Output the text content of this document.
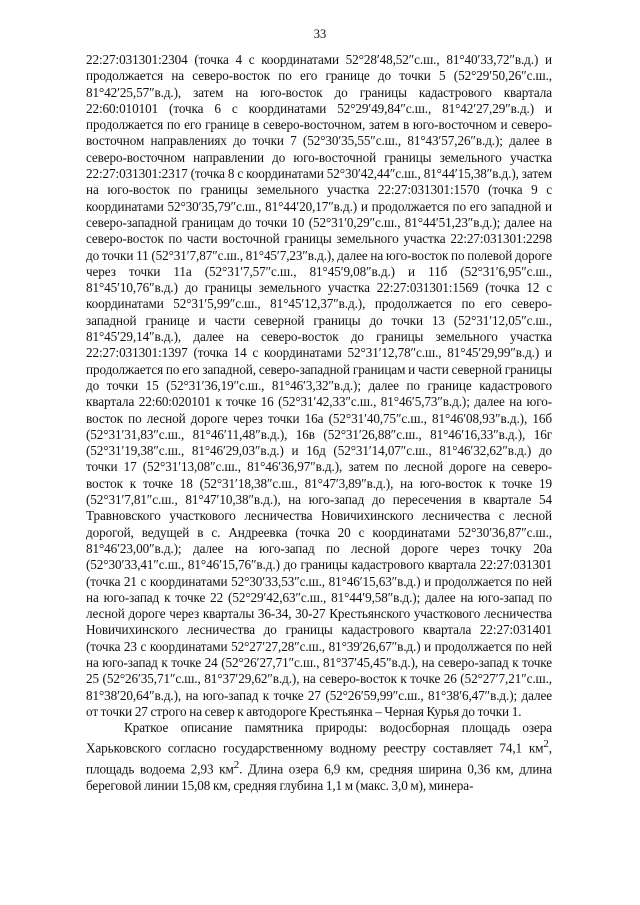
33

22:27:031301:2304 (точка 4 с координатами 52°28′48,52″с.ш., 81°40′33,72″в.д.) и продолжается на северо-восток по его границе до точки 5 (52°29′50,26″с.ш., 81°42′25,57″в.д.), затем на юго-восток до границы кадастрового квартала 22:60:010101 (точка 6 с координатами 52°29′49,84″с.ш., 81°42′27,29″в.д.) и продолжается по его границе в северо-восточном, затем в юго-восточном и северо-восточном направлениях до точки 7 (52°30′35,55″с.ш., 81°43′57,26″в.д.); далее в северо-восточном направлении до юго-восточной границы земельного участка 22:27:031301:2317 (точка 8 с координатами 52°30′42,44″с.ш., 81°44′15,38″в.д.), затем на юго-восток по границы земельного участка 22:27:031301:1570 (точка 9 с координатами 52°30′35,79″с.ш., 81°44′20,17″в.д.) и продолжается по его западной и северо-западной границам до точки 10 (52°31′0,29″с.ш., 81°44′51,23″в.д.); далее на северо-восток по части восточной границы земельного участка 22:27:031301:2298 до точки 11 (52°31′7,87″с.ш., 81°45′7,23″в.д.), далее на юго-восток по полевой дороге через точки 11а (52°31′7,57″с.ш., 81°45′9,08″в.д.) и 11б (52°31′6,95″с.ш., 81°45′10,76″в.д.) до границы земельного участка 22:27:031301:1569 (точка 12 с координатами 52°31′5,99″с.ш., 81°45′12,37″в.д.), продолжается по его северо-западной границе и части северной границы до точки 13 (52°31′12,05″с.ш., 81°45′29,14″в.д.), далее на северо-восток до границы земельного участка 22:27:031301:1397 (точка 14 с координатами 52°31′12,78″с.ш., 81°45′29,99″в.д.) и продолжается по его западной, северо-западной границам и части северной границы до точки 15 (52°31′36,19″с.ш., 81°46′3,32″в.д.); далее по границе кадастрового квартала 22:60:020101 к точке 16 (52°31′42,33″с.ш., 81°46′5,73″в.д.); далее на юго-восток по лесной дороге через точки 16а (52°31′40,75″с.ш., 81°46′08,93″в.д.), 16б (52°31′31,83″с.ш., 81°46′11,48″в.д.), 16в (52°31′26,88″с.ш., 81°46′16,33″в.д.), 16г (52°31′19,38″с.ш., 81°46′29,03″в.д.) и 16д (52°31′14,07″с.ш., 81°46′32,62″в.д.) до точки 17 (52°31′13,08″с.ш., 81°46′36,97″в.д.), затем по лесной дороге на северо-восток к точке 18 (52°31′18,38″с.ш., 81°47′3,89″в.д.), на юго-восток к точке 19 (52°31′7,81″с.ш., 81°47′10,38″в.д.), на юго-запад до пересечения в квартале 54 Травновского участкового лесничества Новичихинского лесничества с лесной дорогой, ведущей в с. Андреевка (точка 20 с координатами 52°30′36,87″с.ш., 81°46′23,00″в.д.); далее на юго-запад по лесной дороге через точку 20а (52°30′33,41″с.ш., 81°46′15,76″в.д.) до границы кадастрового квартала 22:27:031301 (точка 21 с координатами 52°30′33,53″с.ш., 81°46′15,63″в.д.) и продолжается по ней на юго-запад к точке 22 (52°29′42,63″с.ш., 81°44′9,58″в.д.); далее на юго-запад по лесной дороге через кварталы 36-34, 30-27 Крестьянского участкового лесничества Новичихинского лесничества до границы кадастрового квартала 22:27:031401 (точка 23 с координатами 52°27′27,28″с.ш., 81°39′26,67″в.д.) и продолжается по ней на юго-запад к точке 24 (52°26′27,71″с.ш., 81°37′45,45″в.д.), на северо-запад к точке 25 (52°26′35,71″с.ш., 81°37′29,62″в.д.), на северо-восток к точке 26 (52°27′7,21″с.ш., 81°38′20,64″в.д.), на юго-запад к точке 27 (52°26′59,99″с.ш., 81°38′6,47″в.д.); далее от точки 27 строго на север к автодороге Крестьянка – Черная Курья до точки 1.

Краткое описание памятника природы: водосборная площадь озера Харьковского согласно государственному водному реестру составляет 74,1 $км^2$, площадь водоема 2,93 $км^2$. Длина озера 6,9 км, средняя ширина 0,36 км, длина береговой линии 15,08 км, средняя глубина 1,1 м (макс. 3,0 м), минера-
